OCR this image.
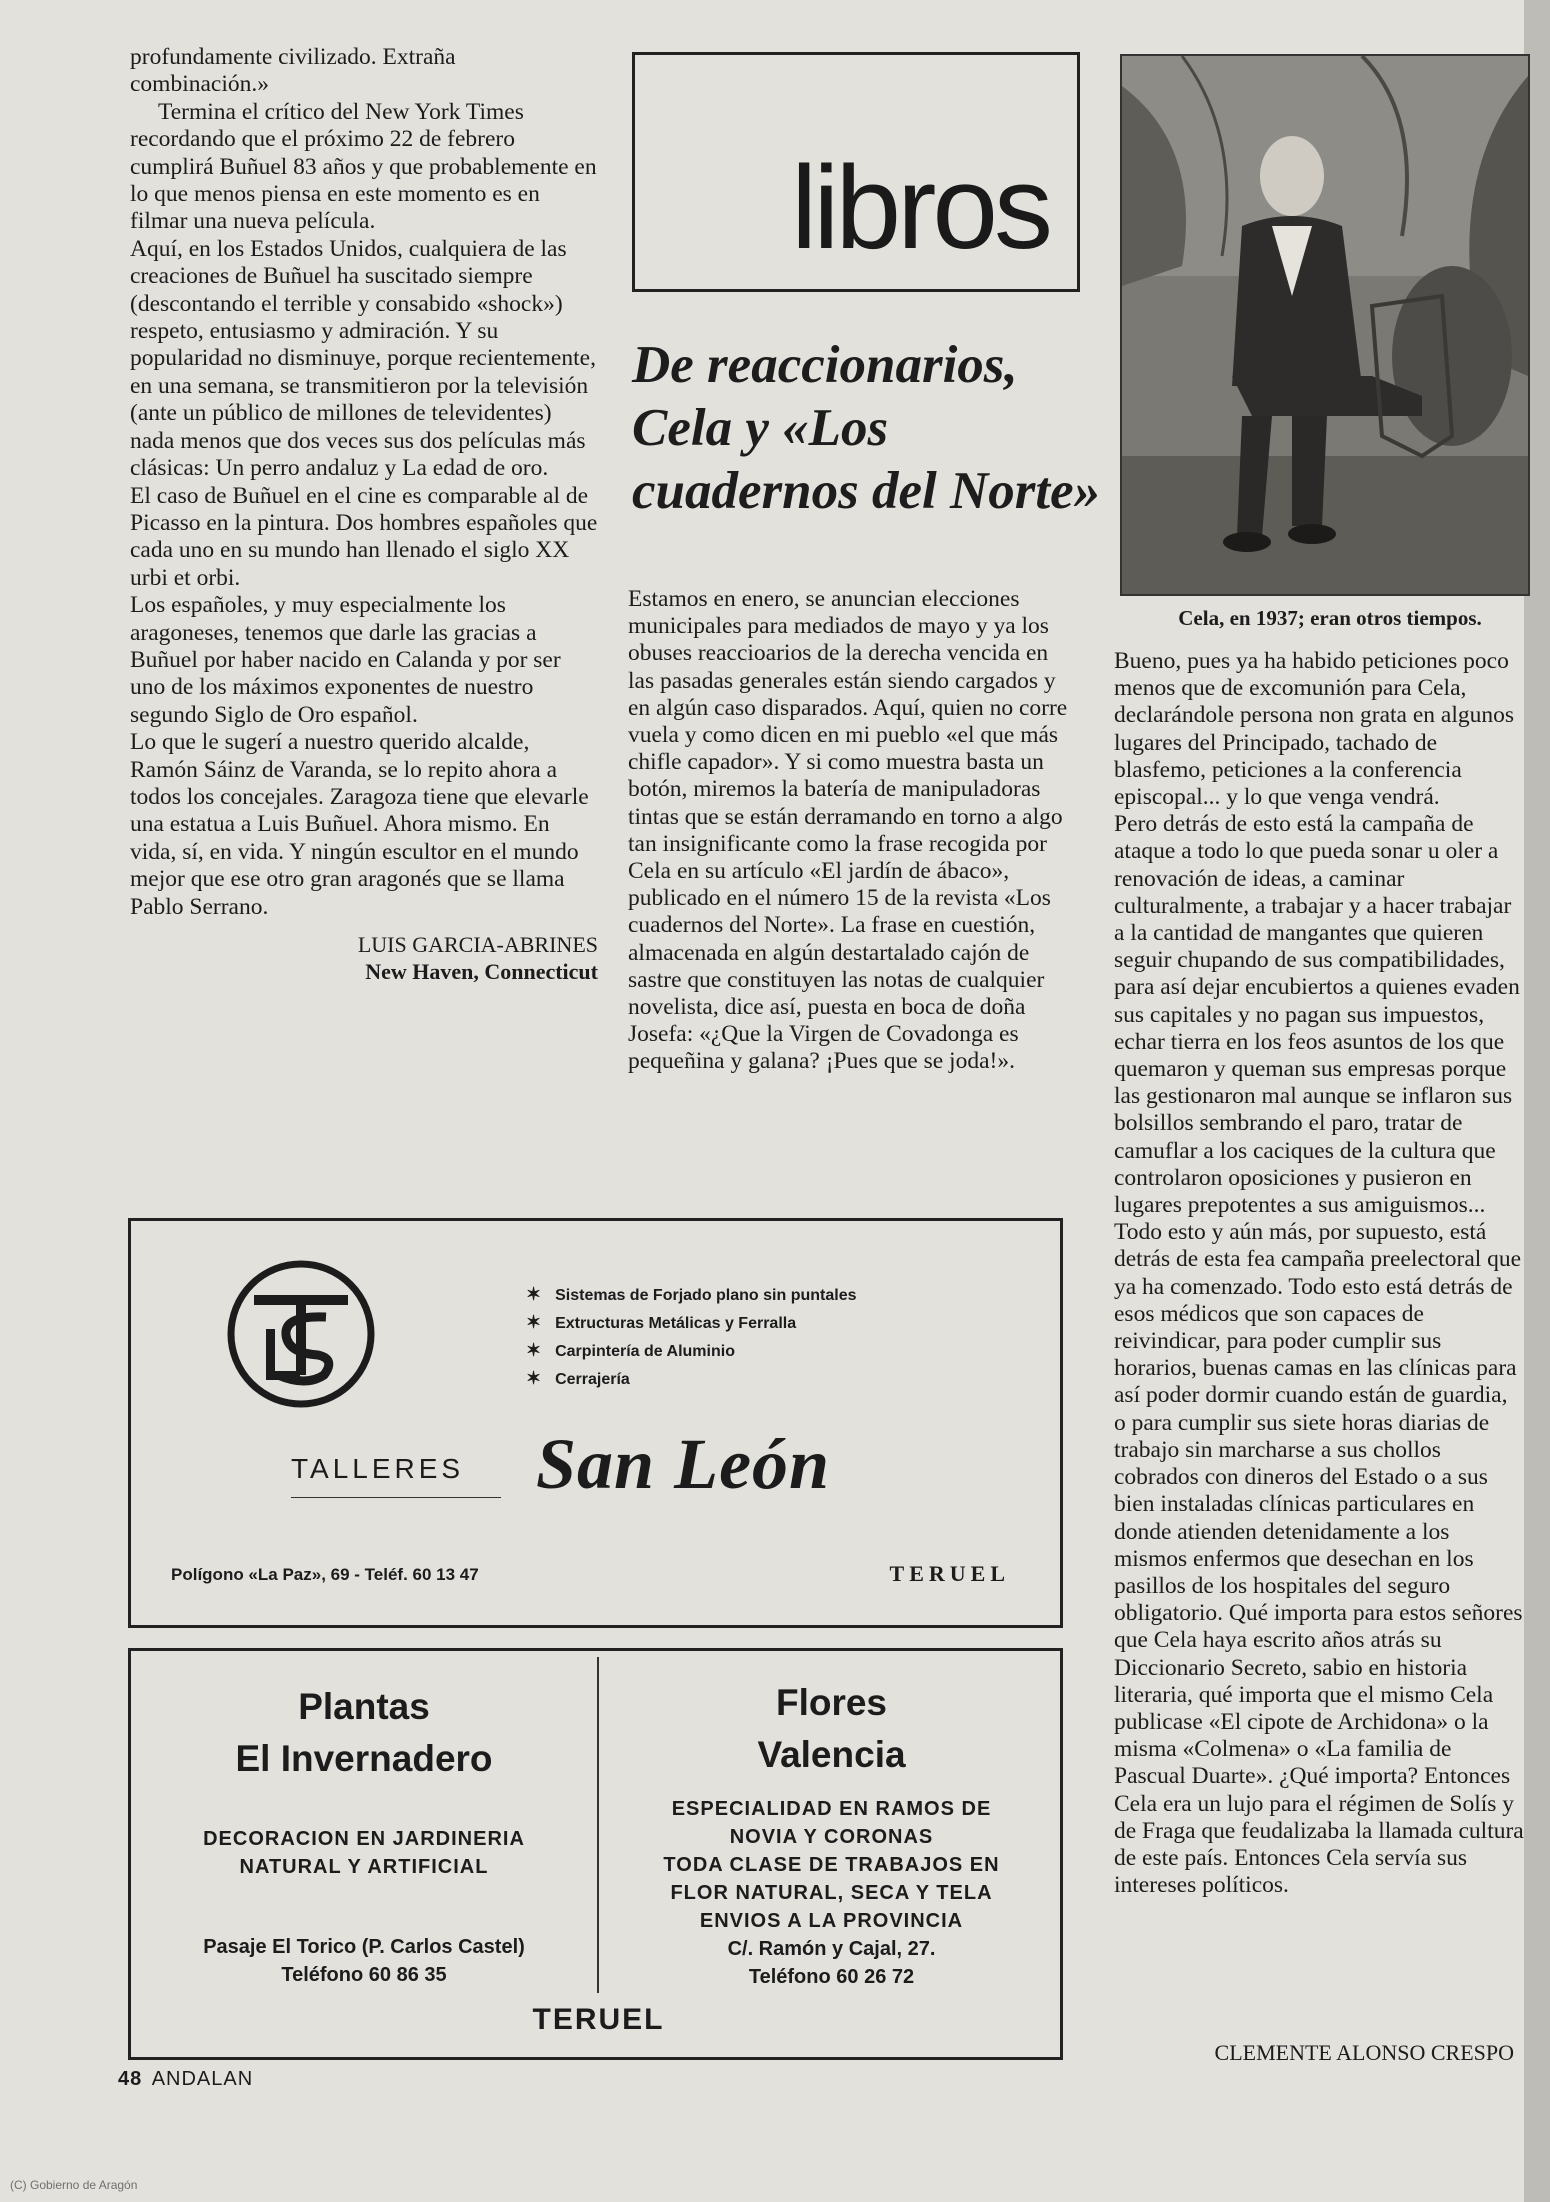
profundamente civilizado. Extraña combinación.»

Termina el crítico del New York Times recordando que el próximo 22 de febrero cumplirá Buñuel 83 años y que probablemente en lo que menos piensa en este momento es en filmar una nueva película.

Aquí, en los Estados Unidos, cualquiera de las creaciones de Buñuel ha suscitado siempre (descontando el terrible y consabido «shock») respeto, entusiasmo y admiración. Y su popularidad no disminuye, porque recientemente, en una semana, se transmitieron por la televisión (ante un público de millones de televidentes) nada menos que dos veces sus dos películas más clásicas: Un perro andaluz y La edad de oro.

El caso de Buñuel en el cine es comparable al de Picasso en la pintura. Dos hombres españoles que cada uno en su mundo han llenado el siglo XX urbi et orbi.

Los españoles, y muy especialmente los aragoneses, tenemos que darle las gracias a Buñuel por haber nacido en Calanda y por ser uno de los máximos exponentes de nuestro segundo Siglo de Oro español.

Lo que le sugerí a nuestro querido alcalde, Ramón Sáinz de Varanda, se lo repito ahora a todos los concejales. Zaragoza tiene que elevarle una estatua a Luis Buñuel. Ahora mismo. En vida, sí, en vida. Y ningún escultor en el mundo mejor que ese otro gran aragonés que se llama Pablo Serrano.

LUIS GARCIA-ABRINES
New Haven, Connecticut
libros
De reaccionarios, Cela y «Los cuadernos del Norte»

Estamos en enero, se anuncian elecciones municipales para mediados de mayo y ya los obuses reaccioarios de la derecha vencida en las pasadas generales están siendo cargados y en algún caso disparados. Aquí, quien no corre vuela y como dicen en mi pueblo «el que más chifle capador». Y si como muestra basta un botón, miremos la batería de manipuladoras tintas que se están derramando en torno a algo tan insignificante como la frase recogida por Cela en su artículo «El jardín de ábaco», publicado en el número 15 de la revista «Los cuadernos del Norte». La frase en cuestión, almacenada en algún destartalado cajón de sastre que constituyen las notas de cualquier novelista, dice así, puesta en boca de doña Josefa: «¿Que la Virgen de Covadonga es pequeñina y galana? ¡Pues que se joda!».

Cela, en 1937; eran otros tiempos.

Bueno, pues ya ha habido peticiones poco menos que de excomunión para Cela, declarándole persona non grata en algunos lugares del Principado, tachado de blasfemo, peticiones a la conferencia episcopal... y lo que venga vendrá.

Pero detrás de esto está la campaña de ataque a todo lo que pueda sonar u oler a renovación de ideas, a caminar culturalmente, a trabajar y a hacer trabajar a la cantidad de mangantes que quieren seguir chupando de sus compatibilidades, para así dejar encubiertos a quienes evaden sus capitales y no pagan sus impuestos, echar tierra en los feos asuntos de los que quemaron y queman sus empresas porque las gestionaron mal aunque se inflaron sus bolsillos sembrando el paro, tratar de camuflar a los caciques de la cultura que controlaron oposiciones y pusieron en lugares prepotentes a sus amiguismos... Todo esto y aún más, por supuesto, está detrás de esta fea campaña preelectoral que ya ha comenzado. Todo esto está detrás de esos médicos que son capaces de reivindicar, para poder cumplir sus horarios, buenas camas en las clínicas para así poder dormir cuando están de guardia, o para cumplir sus siete horas diarias de trabajo sin marcharse a sus chollos cobrados con dineros del Estado o a sus bien instaladas clínicas particulares en donde atienden detenidamente a los mismos enfermos que desechan en los pasillos de los hospitales del seguro obligatorio. Qué importa para estos señores que Cela haya escrito años atrás su Diccionario Secreto, sabio en historia literaria, qué importa que el mismo Cela publicase «El cipote de Archidona» o la misma «Colmena» o «La familia de Pascual Duarte». ¿Qué importa? Entonces Cela era un lujo para el régimen de Solís y de Fraga que feudalizaba la llamada cultura de este país. Entonces Cela servía sus intereses políticos.

CLEMENTE ALONSO CRESPO
✶ Sistemas de Forjado plano sin puntales
✶ Extructuras Metálicas y Ferralla
✶ Carpintería de Aluminio
✶ Cerrajería
TALLERES San León
Polígono «La Paz», 69 - Teléf. 60 13 47	TERUEL
Plantas
El Invernadero
DECORACION EN JARDINERIA
NATURAL Y ARTIFICIAL
Pasaje El Torico (P. Carlos Castel)
Teléfono 60 86 35
Flores
Valencia
ESPECIALIDAD EN RAMOS DE
NOVIA Y CORONAS
TODA CLASE DE TRABAJOS EN
FLOR NATURAL, SECA Y TELA
ENVIOS A LA PROVINCIA
C/. Ramón y Cajal, 27.
Teléfono 60 26 72
TERUEL
48 ANDALAN
(C) Gobierno de Aragón
